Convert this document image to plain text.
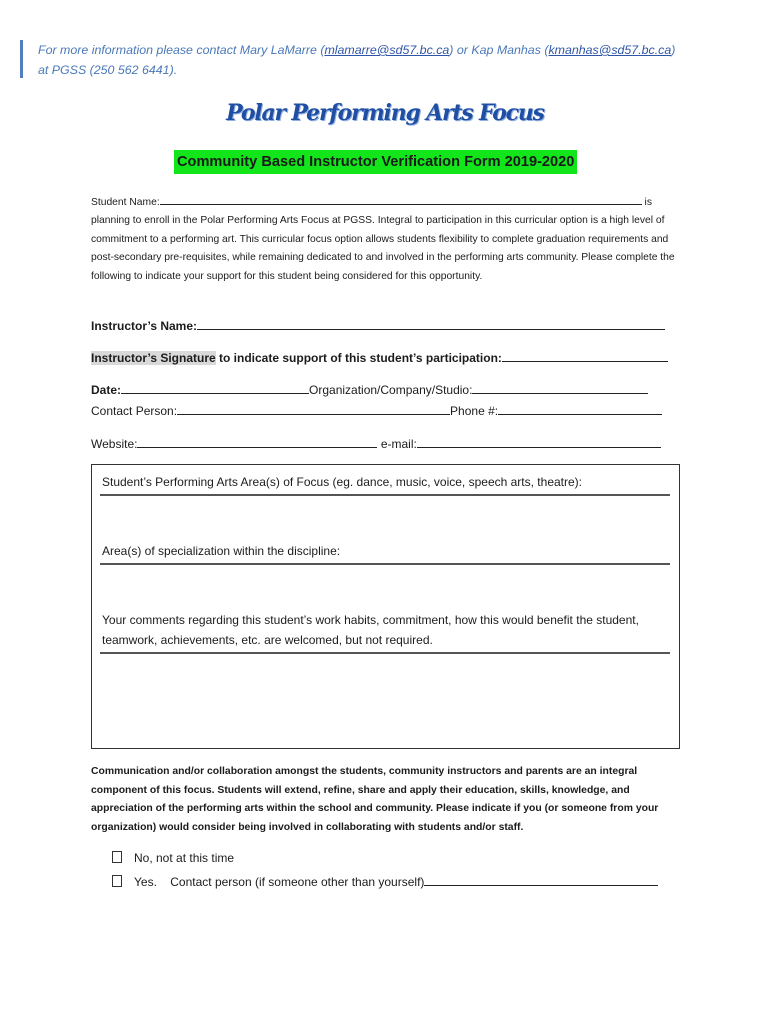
For more information please contact Mary LaMarre (mlamarre@sd57.bc.ca) or Kap Manhas (kmanhas@sd57.bc.ca)
at PGSS (250 562 6441).
Polar Performing Arts Focus
Community Based Instructor Verification Form 2019-2020
Student Name:	is planning to enroll in the Polar Performing Arts Focus at PGSS. Integral to participation in this curricular option is a high level of commitment to a performing art. This curricular focus option allows students flexibility to complete graduation requirements and post-secondary pre-requisites, while remaining dedicated to and involved in the performing arts community. Please complete the following to indicate your support for this student being considered for this opportunity.
Instructor’s Name:
Instructor’s Signature to indicate support of this student’s participation:
Date:	Organization/Company/Studio:
Contact Person:	Phone #:
Website:	e-mail:
Student’s Performing Arts Area(s) of Focus (eg. dance, music, voice, speech arts, theatre):
Area(s) of specialization within the discipline:
Your comments regarding this student’s work habits, commitment, how this would benefit the student, teamwork, achievements, etc. are welcomed, but not required.
Communication and/or collaboration amongst the students, community instructors and parents are an integral component of this focus. Students will extend, refine, share and apply their education, skills, knowledge, and appreciation of the performing arts within the school and community. Please indicate if you (or someone from your organization) would consider being involved in collaborating with students and/or staff.
No, not at this time
Yes. Contact person (if someone other than yourself)
